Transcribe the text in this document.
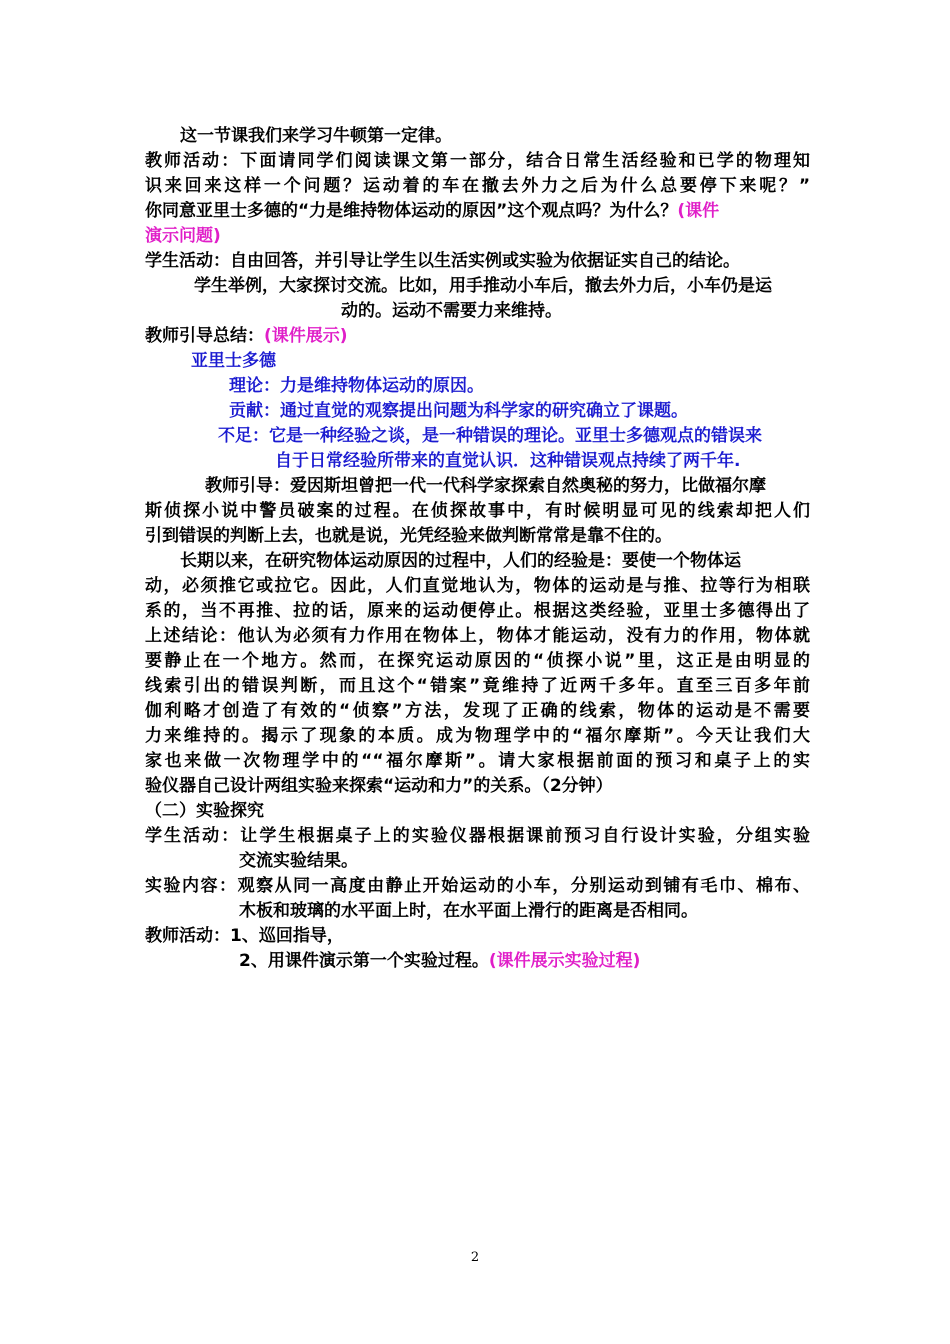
这一节课我们来学习牛顿第一定律。
教师活动：下面请同学们阅读课文第一部分，结合日常生活经验和已学的物理知
识来回来这样一个问题？运动着的车在撤去外力之后为什么总要停下来呢？”
你同意亚里士多德的“力是维持物体运动的原因”这个观点吗？为什么？(课件
演示问题)
学生活动：自由回答，并引导让学生以生活实例或实验为依据证实自己的结论。
学生举例，大家探讨交流。比如，用手推动小车后，撤去外力后，小车仍是运
动的。运动不需要力来维持。
教师引导总结：(课件展示)
亚里士多德
理论：力是维持物体运动的原因。
贡献：通过直觉的观察提出问题为科学家的研究确立了课题。
不足：它是一种经验之谈，是一种错误的理论。亚里士多德观点的错误来
自于日常经验所带来的直觉认识．这种错误观点持续了两千年.
教师引导：爱因斯坦曾把一代一代科学家探索自然奥秘的努力，比做福尔摩
斯侦探小说中警员破案的过程。在侦探故事中，有时候明显可见的线索却把人们
引到错误的判断上去，也就是说，光凭经验来做判断常常是靠不住的。
长期以来，在研究物体运动原因的过程中，人们的经验是：要使一个物体运
动，必须推它或拉它。因此，人们直觉地认为，物体的运动是与推、拉等行为相联
系的，当不再推、拉的话，原来的运动便停止。根据这类经验，亚里士多德得出了
上述结论：他认为必须有力作用在物体上，物体才能运动，没有力的作用，物体就
要静止在一个地方。然而，在探究运动原因的“侦探小说”里，这正是由明显的
线索引出的错误判断，而且这个“错案”竟维持了近两千多年。直至三百多年前
伽利略才创造了有效的“侦察”方法，发现了正确的线索，物体的运动是不需要
力来维持的。揭示了现象的本质。成为物理学中的“福尔摩斯”。今天让我们大
家也来做一次物理学中的““福尔摩斯”。请大家根据前面的预习和桌子上的实
验仪器自己设计两组实验来探索“运动和力”的关系。（2分钟）
（二）实验探究
学生活动：让学生根据桌子上的实验仪器根据课前预习自行设计实验，分组实验
交流实验结果。
实验内容：观察从同一高度由静止开始运动的小车，分别运动到铺有毛巾、棉布、
木板和玻璃的水平面上时，在水平面上滑行的距离是否相同。
教师活动：1、巡回指导，
2、用课件演示第一个实验过程。(课件展示实验过程)
2
